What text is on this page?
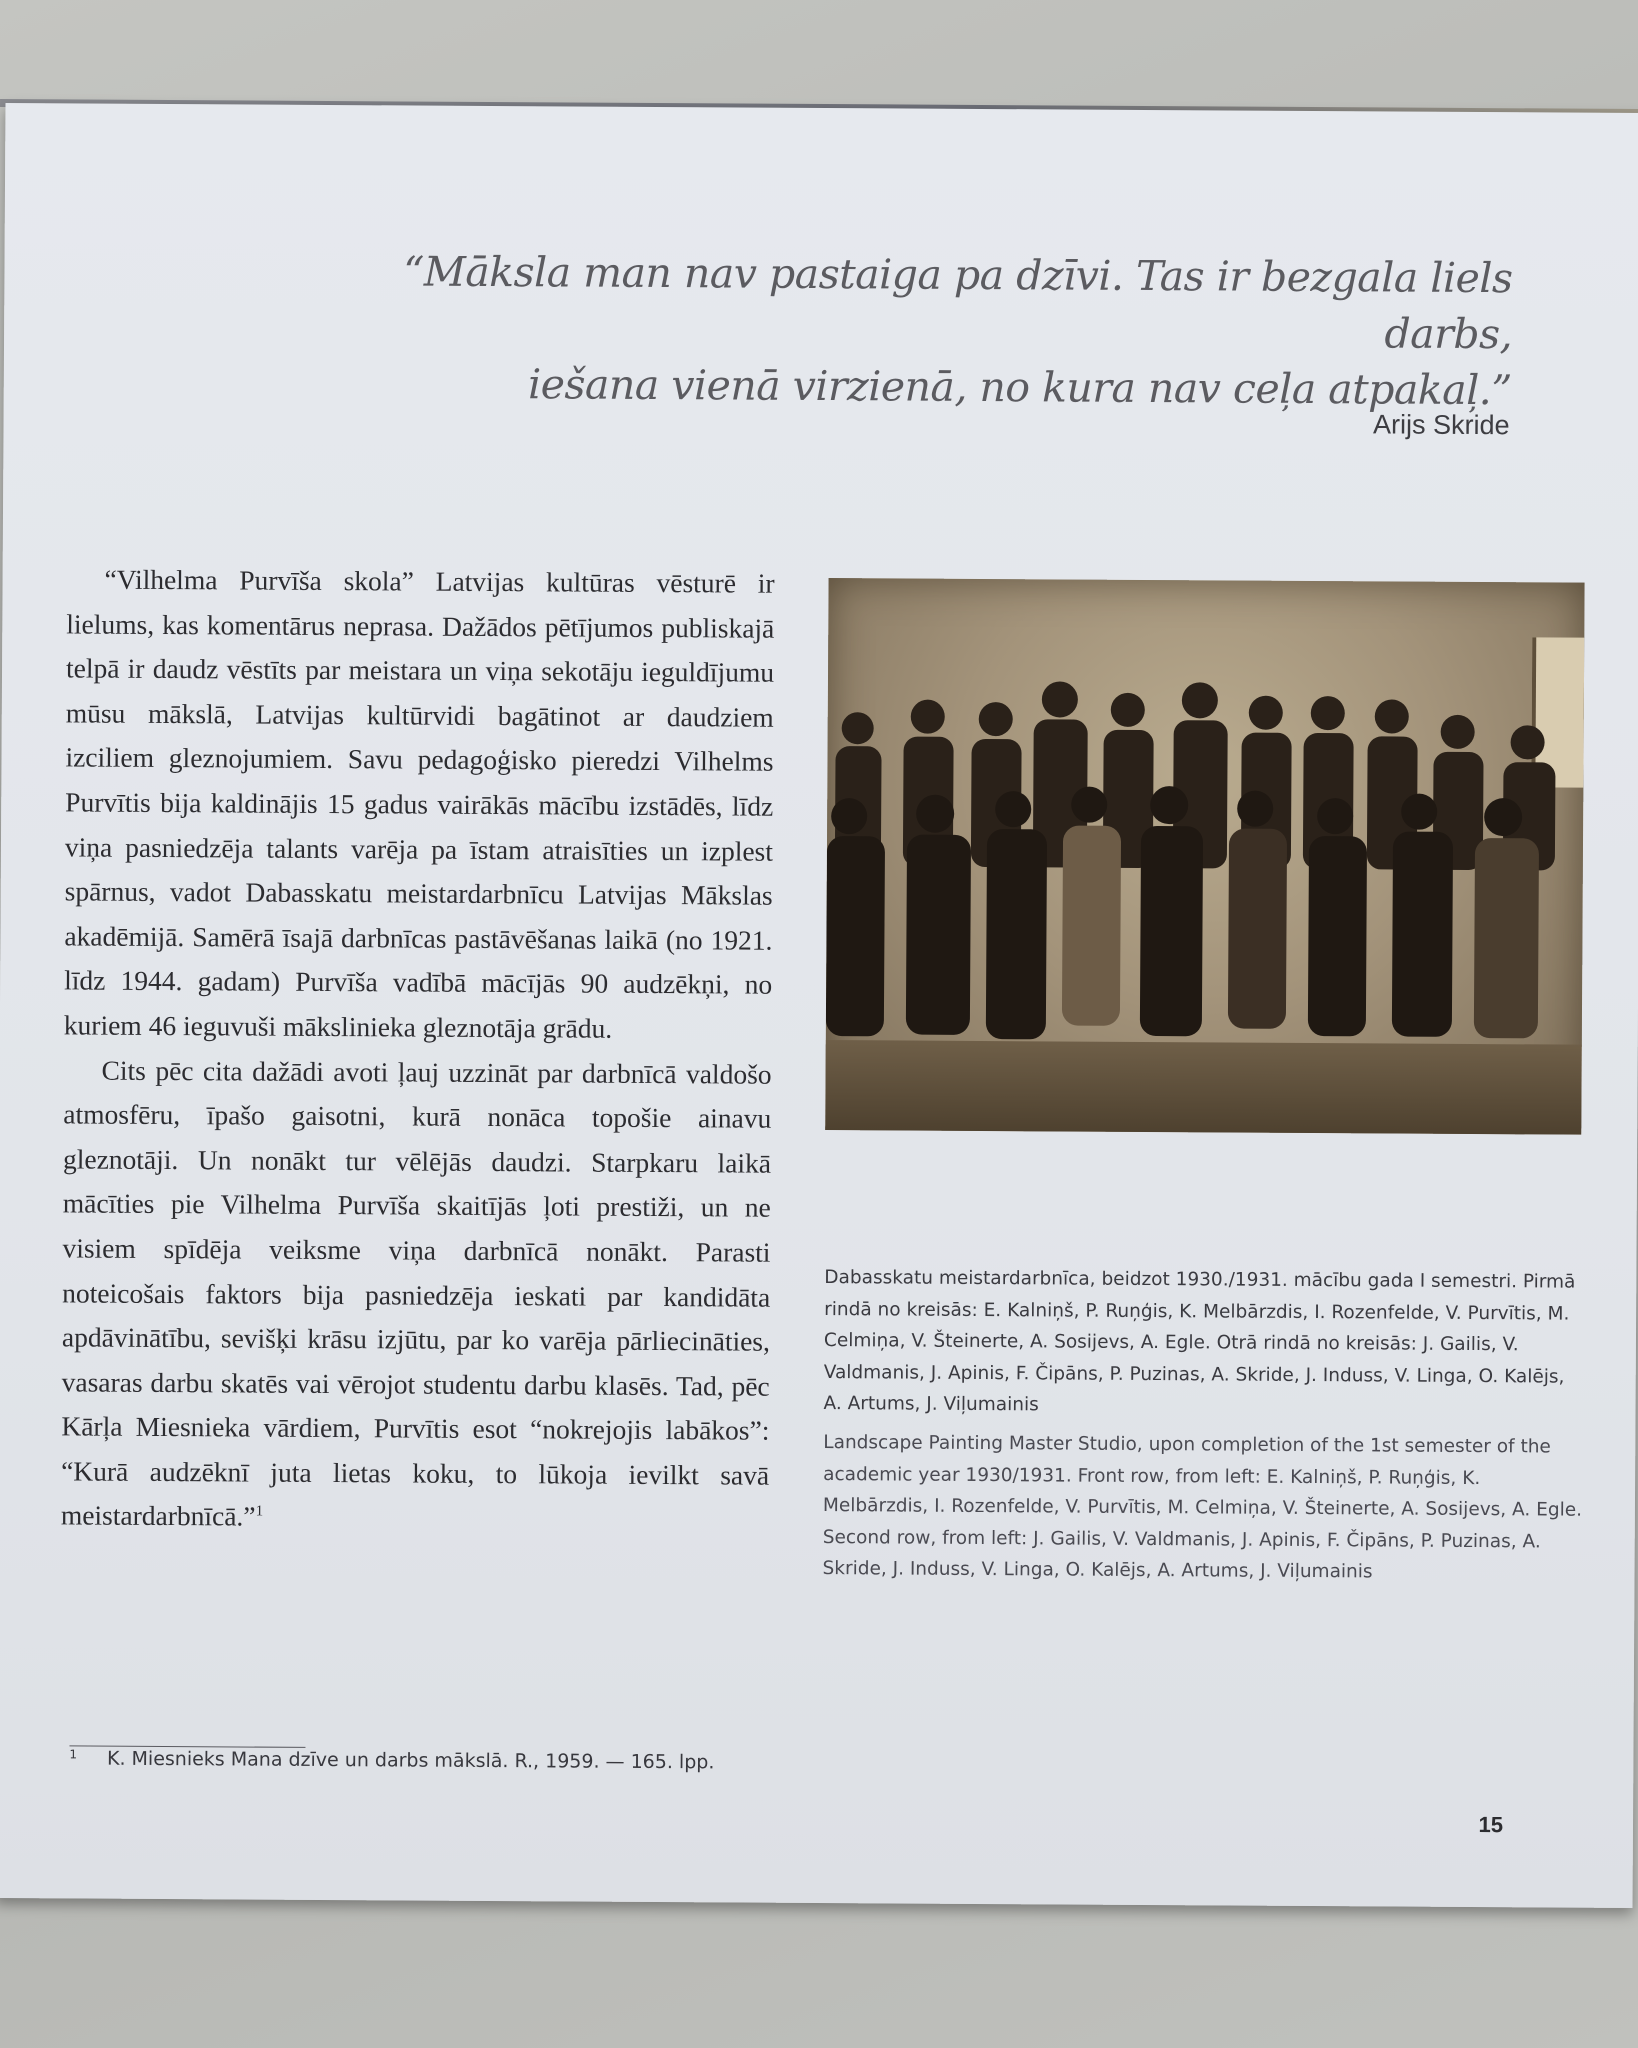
“Māksla man nav pastaiga pa dzīvi. Tas ir bezgala liels darbs,
iešana vienā virzienā, no kura nav ceļa atpakaļ.”
Arijs Skride

“Vilhelma Purvīša skola” Latvijas kultūras vēsturē ir lielums, kas komentārus neprasa. Dažādos pētījumos publiskajā telpā ir daudz vēstīts par meistara un viņa sekotāju ieguldījumu mūsu mākslā, Latvijas kultūrvidi bagātinot ar daudziem izciliem gleznojumiem. Savu pedagoģisko pieredzi Vilhelms Purvītis bija kaldinājis 15 gadus vairākās mācību izstādēs, līdz viņa pasniedzēja talants varēja pa īstam atraisīties un izplest spārnus, vadot Dabasskatu meistardarbnīcu Latvijas Mākslas akadēmijā. Samērā īsajā darbnīcas pastāvēšanas laikā (no 1921. līdz 1944. gadam) Purvīša vadībā mācījās 90 audzēkņi, no kuriem 46 ieguvuši mākslinieka gleznotāja grādu.

Cits pēc cita dažādi avoti ļauj uzzināt par darbnīcā valdošo atmosfēru, īpašo gaisotni, kurā nonāca topošie ainavu gleznotāji. Un nonākt tur vēlējās daudzi. Starpkaru laikā mācīties pie Vilhelma Purvīša skaitījās ļoti prestiži, un ne visiem spīdēja veiksme viņa darbnīcā nonākt. Parasti noteicošais faktors bija pasniedzēja ieskati par kandidāta apdāvinātību, sevišķi krāsu izjūtu, par ko varēja pārliecināties, vasaras darbu skatēs vai vērojot studentu darbu klasēs. Tad, pēc Kārļa Miesnieka vārdiem, Purvītis esot “nokrejojis labākos”: “Kurā audzēknī juta lietas koku, to lūkoja ievilkt savā meistardarbnīcā.”$^1$

Dabasskatu meistardarbnīca, beidzot 1930./1931. mācību gada I semestri. Pirmā rindā no kreisās: E. Kalniņš, P. Ruņģis, K. Melbārzdis, I. Rozenfelde, V. Purvītis, M. Celmiņa, V. Šteinerte, A. Sosijevs, A. Egle. Otrā rindā no kreisās: J. Gailis, V. Valdmanis, J. Apinis, F. Čipāns, P. Puzinas, A. Skride, J. Induss, V. Linga, O. Kalējs, A. Artums, J. Viļumainis
Landscape Painting Master Studio, upon completion of the 1st semester of the academic year 1930/1931. Front row, from left: E. Kalniņš, P. Ruņģis, K. Melbārzdis, I. Rozenfelde, V. Purvītis, M. Celmiņa, V. Šteinerte, A. Sosijevs, A. Egle. Second row, from left: J. Gailis, V. Valdmanis, J. Apinis, F. Čipāns, P. Puzinas, A. Skride, J. Induss, V. Linga, O. Kalējs, A. Artums, J. Viļumainis
$^1$ K. Miesnieks Mana dzīve un darbs mākslā. R., 1959. — 165. lpp.
15
